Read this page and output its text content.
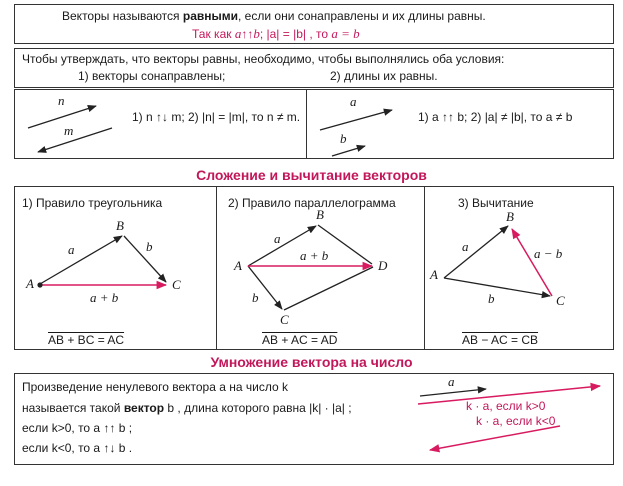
Векторы называются равными, если они сонаправлены и их длины равны.
Так как a↑↑b; |a| = |b| , то a = b
Чтобы утверждать, что векторы равны, необходимо, чтобы выполнялись оба условия:
1) векторы сонаправлены;	2) длины их равны.
n
m
1) n ↑↓ m; 2) |n| = |m|, то n ≠ m.
a
b
1) a ↑↑ b; 2) |a| ≠ |b|, то a ≠ b
Сложение и вычитание векторов
1) Правило треугольника	2) Правило параллелограмма	3) Вычитание
A
B
C
a	b
a + b
AB + BC = AC
A
B
C
D
a
b
a + b
AB + AC = AD
A
B
C
a
b
a − b
AB − AC = CB
Умножение вектора на число
Произведение ненулевого вектора a на число k
называется такой вектор b , длина которого равна |k| · |a| ;
если k>0, то a ↑↑ b ;
если k<0, то a ↑↓ b .
a
k · a, если k>0
k · a, если k<0
